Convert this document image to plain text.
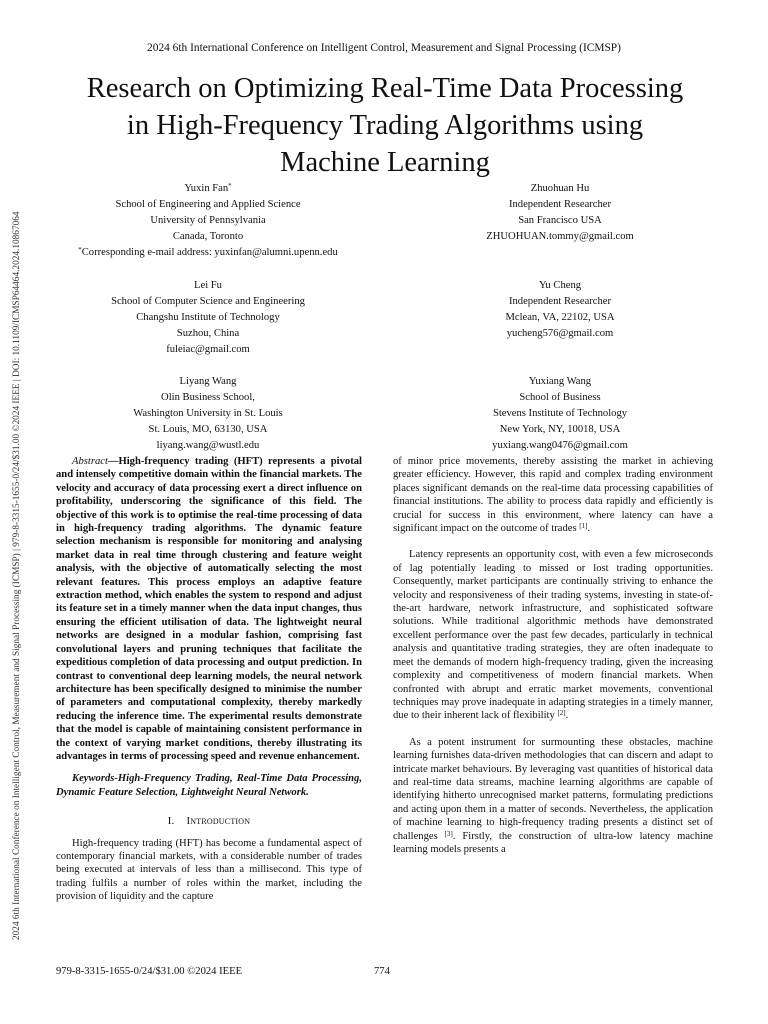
2024 6th International Conference on Intelligent Control, Measurement and Signal Processing (ICMSP) | 979-8-3315-1655-0/24/$31.00 ©2024 IEEE | DOI: 10.1109/ICMSP64464.2024.10867064
2024 6th International Conference on Intelligent Control, Measurement and Signal Processing (ICMSP)
Research on Optimizing Real-Time Data Processing
in High-Frequency Trading Algorithms using
Machine Learning
Yuxin Fan*
School of Engineering and Applied Science
University of Pennsylvania
Canada, Toronto
*Corresponding e-mail address: yuxinfan@alumni.upenn.edu
Zhuohuan Hu
Independent Researcher
San Francisco USA
ZHUOHUAN.tommy@gmail.com
Lei Fu
School of Computer Science and Engineering
Changshu Institute of Technology
Suzhou, China
fuleiac@gmail.com
Yu Cheng
Independent Researcher
Mclean, VA, 22102, USA
yucheng576@gmail.com
Liyang Wang
Olin Business School,
Washington University in St. Louis
St. Louis, MO, 63130, USA
liyang.wang@wustl.edu
Yuxiang Wang
School of Business
Stevens Institute of Technology
New York, NY, 10018, USA
yuxiang.wang0476@gmail.com

Abstract—High-frequency trading (HFT) represents a pivotal and intensely competitive domain within the financial markets. The velocity and accuracy of data processing exert a direct influence on profitability, underscoring the significance of this field. The objective of this work is to optimise the real-time processing of data in high-frequency trading algorithms. The dynamic feature selection mechanism is responsible for monitoring and analysing market data in real time through clustering and feature weight analysis, with the objective of automatically selecting the most relevant features. This process employs an adaptive feature extraction method, which enables the system to respond and adjust its feature set in a timely manner when the data input changes, thus ensuring the efficient utilisation of data. The lightweight neural networks are designed in a modular fashion, comprising fast convolutional layers and pruning techniques that facilitate the expeditious completion of data processing and output prediction. In contrast to conventional deep learning models, the neural network architecture has been specifically designed to minimise the number of parameters and computational complexity, thereby markedly reducing the inference time. The experimental results demonstrate that the model is capable of maintaining consistent performance in the context of varying market conditions, thereby illustrating its advantages in terms of processing speed and revenue enhancement.

Keywords-High-Frequency Trading, Real-Time Data Processing, Dynamic Feature Selection, Lightweight Neural Network.

I. Introduction

High-frequency trading (HFT) has become a fundamental aspect of contemporary financial markets, with a considerable number of trades being executed at intervals of less than a millisecond. This type of trading fulfils a number of roles within the market, including the provision of liquidity and the capture

of minor price movements, thereby assisting the market in achieving greater efficiency. However, this rapid and complex trading environment places significant demands on the real-time data processing capabilities of financial institutions. The ability to process data rapidly and efficiently is crucial for success in this environment, where latency can have a significant impact on the outcome of trades [1].

Latency represents an opportunity cost, with even a few microseconds of lag potentially leading to missed or lost trading opportunities. Consequently, market participants are continually striving to enhance the velocity and responsiveness of their trading systems, investing in state-of-the-art hardware, network infrastructure, and sophisticated software solutions. While traditional algorithmic methods have demonstrated excellent performance over the past few decades, particularly in technical analysis and quantitative trading strategies, they are often inadequate to meet the demands of modern high-frequency trading, given the increasing complexity and competitiveness of modern financial markets. When confronted with abrupt and erratic market movements, conventional techniques may prove inadequate in adapting strategies in a timely manner, due to their inherent lack of flexibility [2].

As a potent instrument for surmounting these obstacles, machine learning furnishes data-driven methodologies that can discern and adapt to intricate market behaviours. By leveraging vast quantities of historical data and real-time data streams, machine learning algorithms are capable of identifying hitherto unrecognised market patterns, formulating predictions and acting upon them in a matter of seconds. Nevertheless, the application of machine learning to high-frequency trading presents a distinct set of challenges [3]. Firstly, the construction of ultra-low latency machine learning models presents a

979-8-3315-1655-0/24/$31.00 ©2024 IEEE	774
